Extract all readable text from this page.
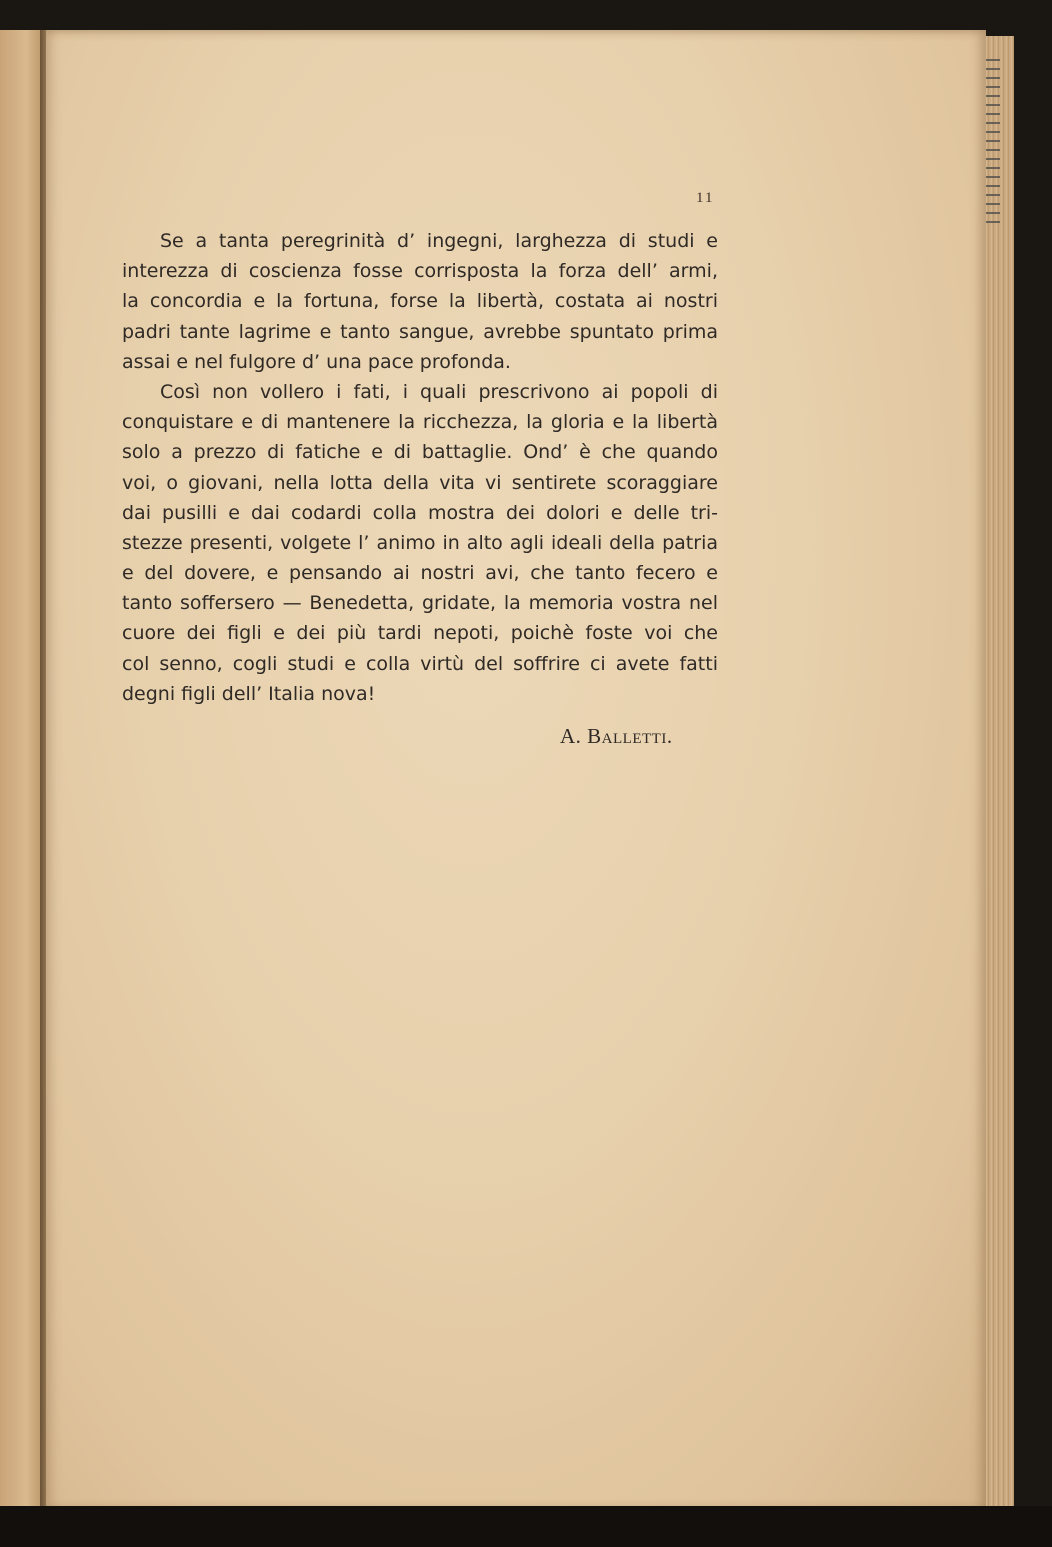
11
Se a tanta peregrinità d’ ingegni, larghezza di studi e
interezza di coscienza fosse corrisposta la forza dell’ armi,
la concordia e la fortuna, forse la libertà, costata ai nostri
padri tante lagrime e tanto sangue, avrebbe spuntato prima
assai e nel fulgore d’ una pace profonda.
Così non vollero i fati, i quali prescrivono ai popoli di
conquistare e di mantenere la ricchezza, la gloria e la libertà
solo a prezzo di fatiche e di battaglie. Ond’ è che quando
voi, o giovani, nella lotta della vita vi sentirete scoraggiare
dai pusilli e dai codardi colla mostra dei dolori e delle tri-
stezze presenti, volgete l’ animo in alto agli ideali della patria
e del dovere, e pensando ai nostri avi, che tanto fecero e
tanto soffersero — Benedetta, gridate, la memoria vostra nel
cuore dei figli e dei più tardi nepoti, poichè foste voi che
col senno, cogli studi e colla virtù del soffrire ci avete fatti
degni figli dell’ Italia nova!
A. Balletti.
